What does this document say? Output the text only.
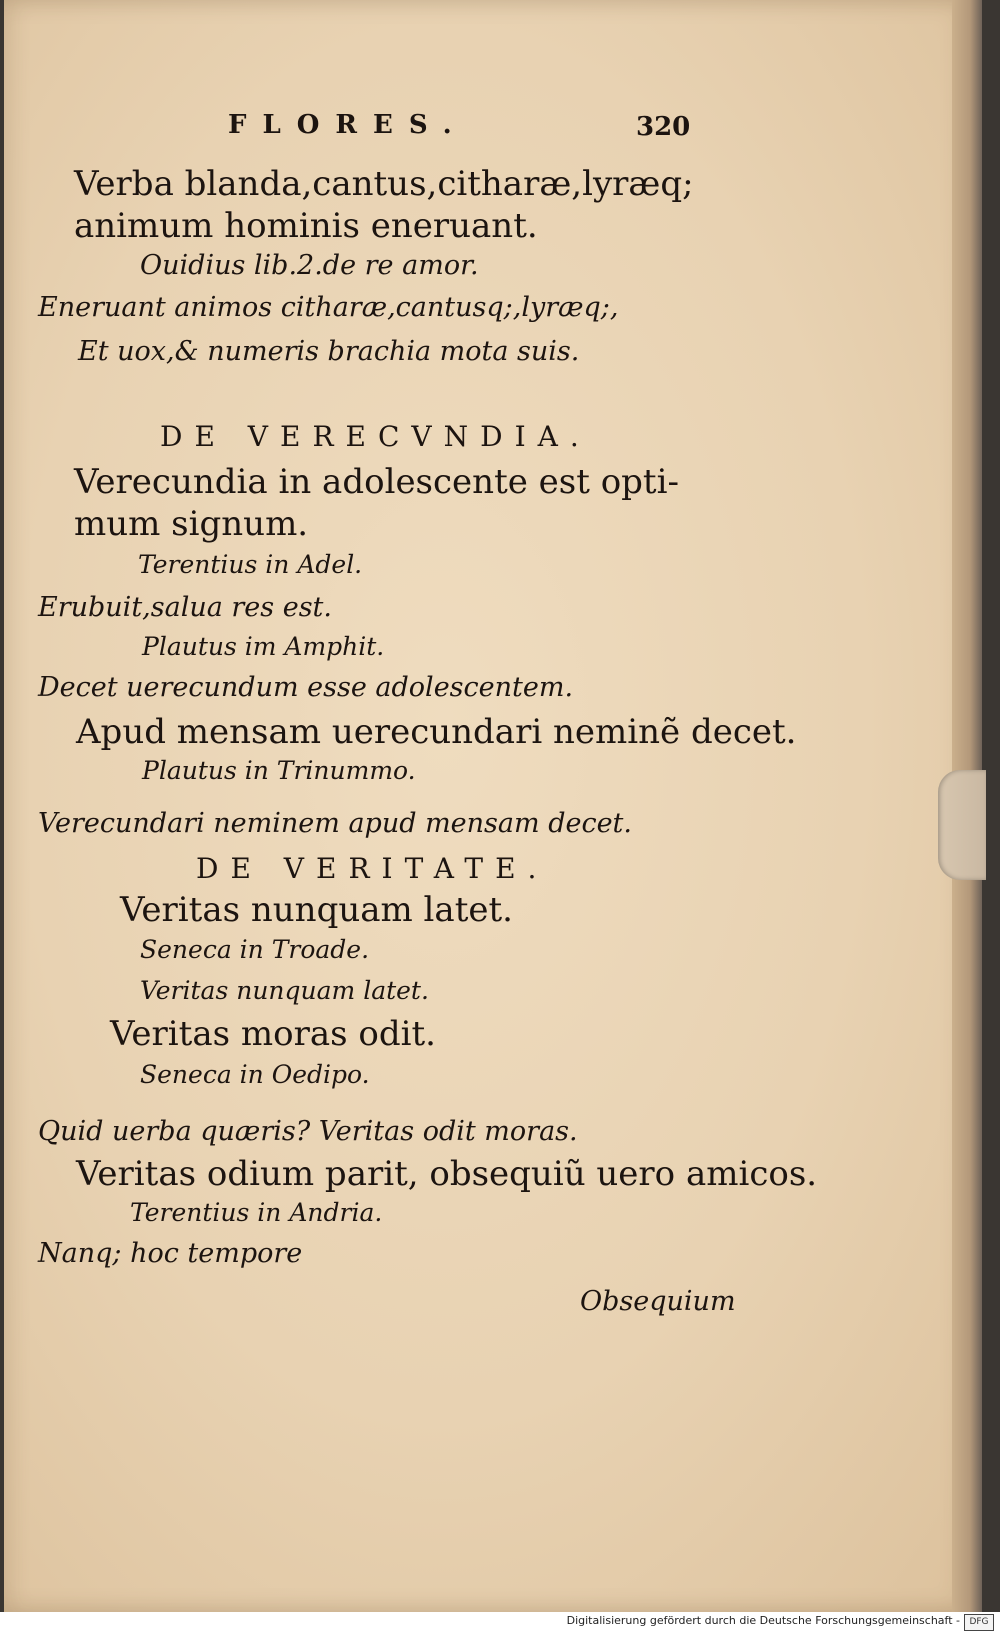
FLORES.	320
Verba blanda,cantus,citharæ,lyræq;
animum hominis eneruant.
Ouidius lib.2.de re amor.
Eneruant animos citharæ,cantusq;,lyræq;,
Et uox,& numeris brachia mota suis.
DE VERECVNDIA.
Verecundia in adolescente est opti-
mum signum.
Terentius in Adel.
Erubuit,salua res est.
Plautus im Amphit.
Decet uerecundum esse adolescentem.
Apud mensam uerecundari neminẽ decet.
Plautus in Trinummo.
Verecundari neminem apud mensam decet.
DE VERITATE.
Veritas nunquam latet.
Seneca in Troade.
Veritas nunquam latet.
Veritas moras odit.
Seneca in Oedipo.
Quid uerba quæris? Veritas odit moras.
Veritas odium parit, obsequiũ uero amicos.
Terentius in Andria.
Nanq; hoc tempore
Obsequium
Digitalisierung gefördert durch die Deutsche Forschungsgemeinschaft -	DFG
